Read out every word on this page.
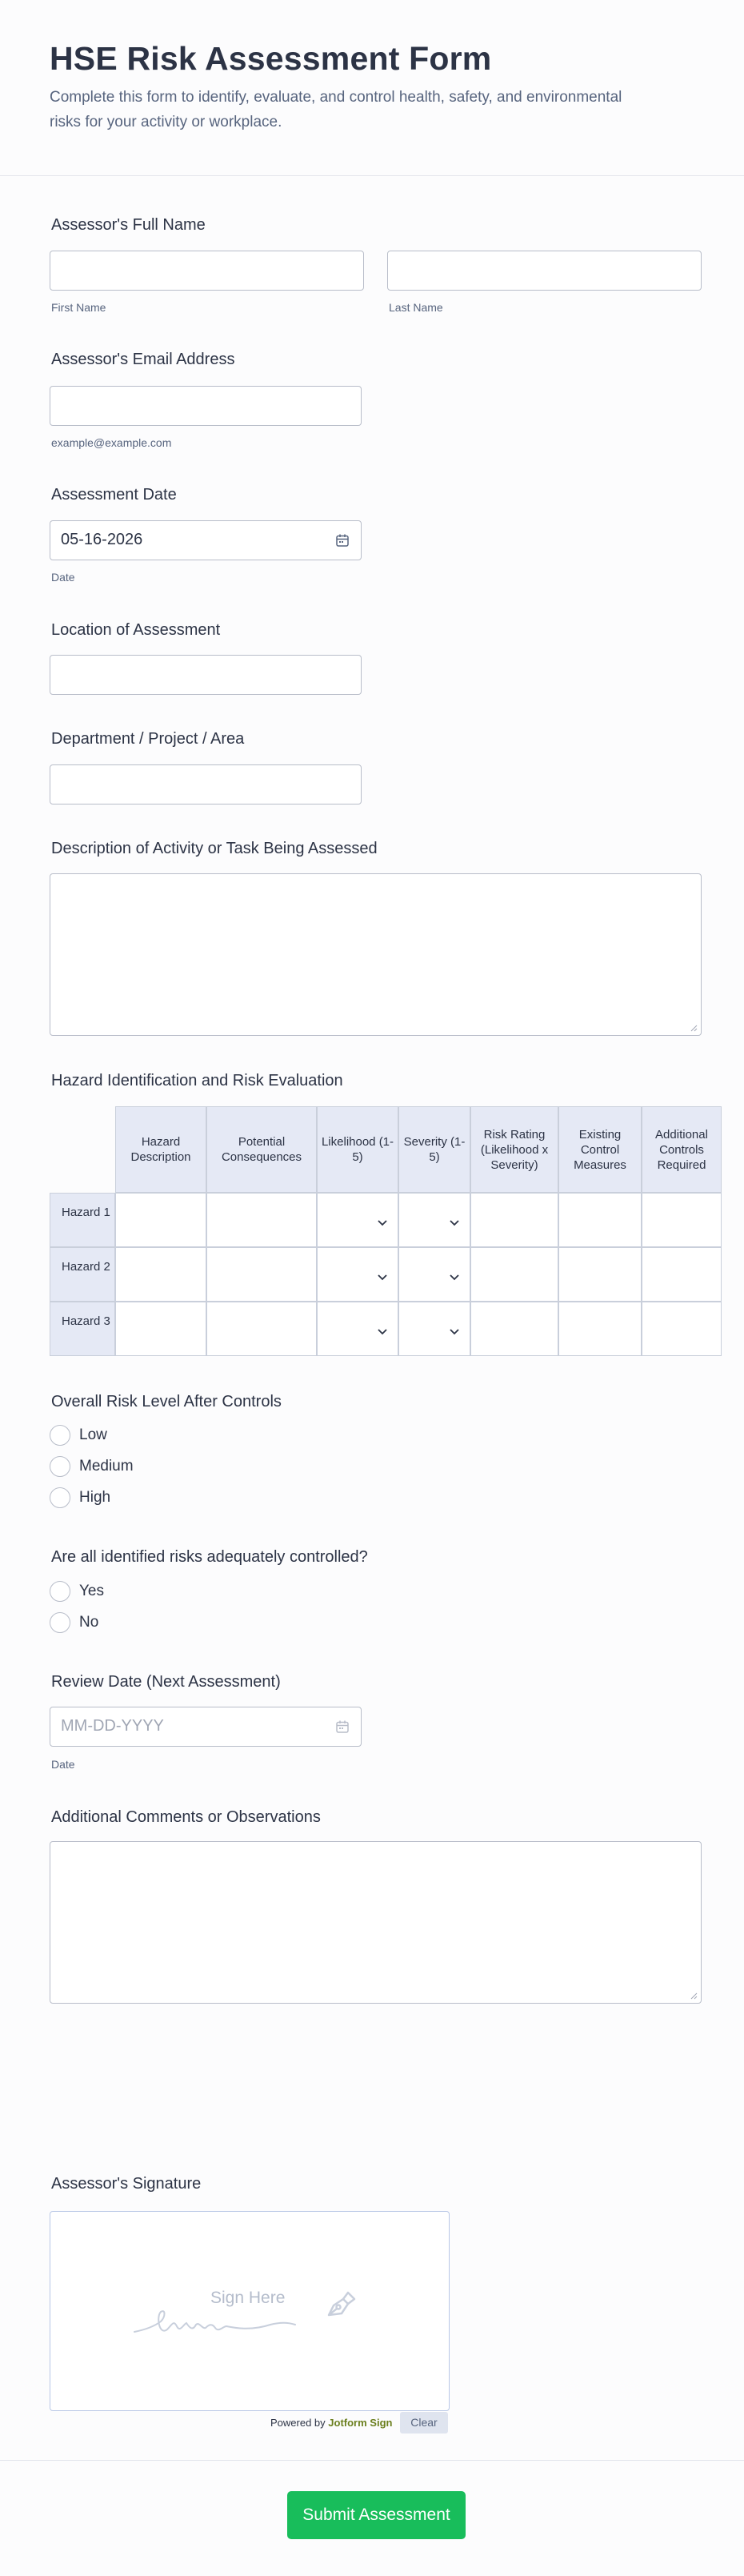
HSE Risk Assessment Form
Complete this form to identify, evaluate, and control health, safety, and environmental risks for your activity or workplace.
Assessor's Full Name
First Name	Last Name
Assessor's Email Address
example@example.com
Assessment Date
05-16-2026
Date
Location of Assessment
Department / Project / Area
Description of Activity or Task Being Assessed
Hazard Identification and Risk Evaluation
Hazard Description
Potential Consequences
Likelihood (1-5)
Severity (1-5)
Risk Rating (Likelihood x Severity)
Existing Control Measures
Additional Controls Required
Hazard 1
Hazard 2
Hazard 3
Overall Risk Level After Controls
Low
Medium
High
Are all identified risks adequately controlled?
Yes
No
Review Date (Next Assessment)
MM-DD-YYYY
Date
Additional Comments or Observations
Assessor's Signature
Sign Here
Powered by Jotform Sign	Clear
Submit Assessment
